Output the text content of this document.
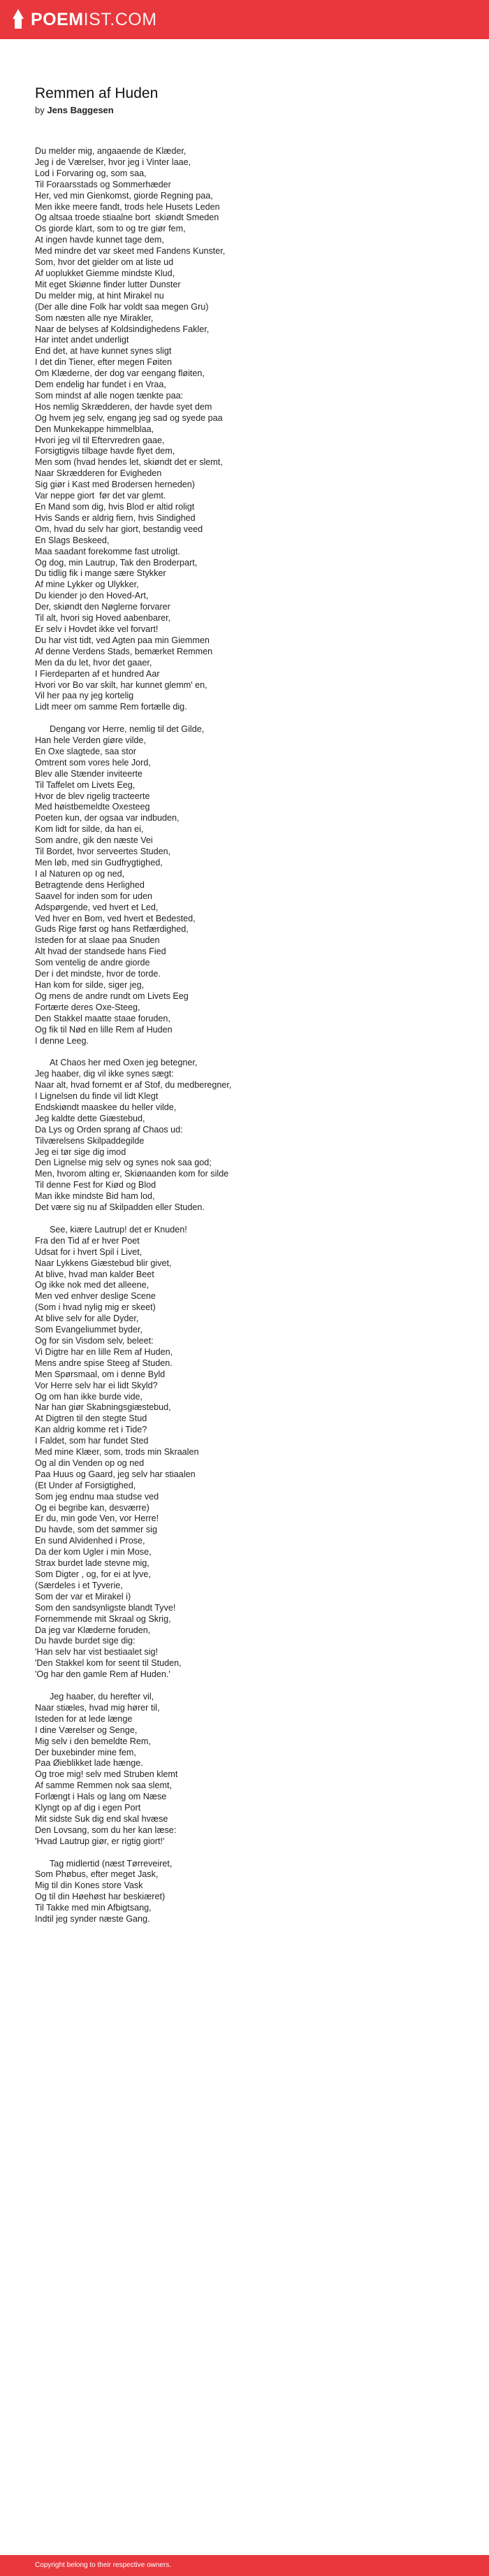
POEMIST.COM
Remmen af Huden
by Jens Baggesen
Du melder mig, angaaende de Klæder,
Jeg i de Værelser, hvor jeg i Vinter laae,
Lod i Forvaring og, som saa,
Til Foraarsstads og Sommerhæder
Her, ved min Gienkomst, giorde Regning paa,
Men ikke meere fandt, trods hele Husets Leden
Og altsaa troede stiaalne bort  skiøndt Smeden
Os giorde klart, som to og tre giør fem,
At ingen havde kunnet tage dem,
Med mindre det var skeet med Fandens Kunster,
Som, hvor det gielder om at liste ud
Af uoplukket Giemme mindste Klud,
Mit eget Skiønne finder lutter Dunster
Du melder mig, at hint Mirakel nu
(Der alle dine Folk har voldt saa megen Gru)
Som næsten alle nye Mirakler,
Naar de belyses af Koldsindighedens Fakler,
Har intet andet underligt
End det, at have kunnet synes sligt
I det din Tiener, efter megen Føiten
Om Klæderne, der dog var eengang fløiten,
Dem endelig har fundet i en Vraa,
Som mindst af alle nogen tænkte paa:
Hos nemlig Skrædderen, der havde syet dem
Og hvem jeg selv, engang jeg sad og syede paa
Den Munkekappe himmelblaa,
Hvori jeg vil til Eftervredren gaae,
Forsigtigvis tilbage havde flyet dem,
Men som (hvad hendes let, skiøndt det er slemt,
Naar Skrædderen for Evigheden
Sig giør i Kast med Brodersen herneden)
Var neppe giort  før det var glemt.
En Mand som dig, hvis Blod er altid roligt
Hvis Sands er aldrig fiern, hvis Sindighed
Om, hvad du selv har giort, bestandig veed
En Slags Beskeed,
Maa saadant forekomme fast utroligt.
Og dog, min Lautrup, Tak den Broderpart,
Du tidlig fik i mange sære Stykker
Af mine Lykker og Ulykker,
Du kiender jo den Hoved-Art,
Der, skiøndt den Nøglerne forvarer
Til alt, hvori sig Hoved aabenbarer,
Er selv i Hovdet ikke vel forvart!
Du har vist tidt, ved Agten paa min Giemmen
Af denne Verdens Stads, bemærket Remmen
Men da du let, hvor det gaaer,
I Fierdeparten af et hundred Aar
Hvori vor Bo var skilt, har kunnet glemm' en,
Vil her paa ny jeg kortelig
Lidt meer om samme Rem fortælle dig.

Dengang vor Herre, nemlig til det Gilde,
Han hele Verden giøre vilde,
En Oxe slagtede, saa stor
Omtrent som vores hele Jord,
Blev alle Stænder inviteerte
Til Taffelet om Livets Eeg,
Hvor de blev rigelig tracteerte
Med høistbemeldte Oxesteeg
Poeten kun, der ogsaa var indbuden,
Kom lidt for silde, da han ei,
Som andre, gik den næste Vei
Til Bordet, hvor serveertes Studen,
Men løb, med sin Gudfrygtighed,
I al Naturen op og ned,
Betragtende dens Herlighed
Saavel for inden som for uden
Adspørgende, ved hvert et Led,
Ved hver en Bom, ved hvert et Bedested,
Guds Rige først og hans Retfærdighed,
Isteden for at slaae paa Snuden
Alt hvad der standsede hans Fied
Som ventelig de andre giorde
Der i det mindste, hvor de torde.
Han kom for silde, siger jeg,
Og mens de andre rundt om Livets Eeg
Fortærte deres Oxe-Steeg,
Den Stakkel maatte staae foruden,
Og fik til Nød en lille Rem af Huden
I denne Leeg.

At Chaos her med Oxen jeg betegner,
Jeg haaber, dig vil ikke synes sægt:
Naar alt, hvad fornemt er af Stof, du medberegner,
I Lignelsen du finde vil lidt Klegt
Endskiøndt maaskee du heller vilde,
Jeg kaldte dette Giæstebud,
Da Lys og Orden sprang af Chaos ud:
Tilværelsens Skilpaddegilde
Jeg ei tør sige dig imod
Den Lignelse mig selv og synes nok saa god;
Men, hvorom alting er, Skiønaanden kom for silde
Til denne Fest for Kiød og Blod
Man ikke mindste Bid ham lod,
Det være sig nu af Skilpadden eller Studen.

See, kiære Lautrup! det er Knuden!
Fra den Tid af er hver Poet
Udsat for i hvert Spil i Livet,
Naar Lykkens Giæstebud blir givet,
At blive, hvad man kalder Beet
Og ikke nok med det alleene,
Men ved enhver deslige Scene
(Som i hvad nylig mig er skeet)
At blive selv for alle Dyder,
Som Evangeliummet byder,
Og for sin Visdom selv, beleet:
Vi Digtre har en lille Rem af Huden,
Mens andre spise Steeg af Studen.
Men Spørsmaal, om i denne Byld
Vor Herre selv har ei lidt Skyld?
Og om han ikke burde vide,
Nar han giør Skabningsgiæstebud,
At Digtren til den stegte Stud
Kan aldrig komme ret i Tide?
I Faldet, som har fundet Sted
Med mine Klæer, som, trods min Skraalen
Og al din Venden op og ned
Paa Huus og Gaard, jeg selv har stiaalen
(Et Under af Forsigtighed,
Som jeg endnu maa studse ved
Og ei begribe kan, desværre)
Er du, min gode Ven, vor Herre!
Du havde, som det sømmer sig
En sund Alvidenhed i Prose,
Da der kom Ugler i min Mose,
Strax burdet lade stevne mig,
Som Digter , og, for ei at lyve,
(Særdeles i et Tyverie,
Som der var et Mirakel i)
Som den sandsynligste blandt Tyve!
Fornemmende mit Skraal og Skrig,
Da jeg var Klæderne foruden,
Du havde burdet sige dig:
'Han selv har vist bestiaalet sig!
'Den Stakkel kom for seent til Studen,
'Og har den gamle Rem af Huden.'

Jeg haaber, du herefter vil,
Naar stiæles, hvad mig hører til,
Isteden for at lede længe
I dine Værelser og Senge,
Mig selv i den bemeldte Rem,
Der buxebinder mine fem,
Paa Øieblikket lade hænge.
Og troe mig! selv med Struben klemt
Af samme Remmen nok saa slemt,
Forlængt i Hals og lang om Næse
Klyngt op af dig i egen Port
Mit sidste Suk dig end skal hvæse
Den Lovsang, som du her kan læse:
'Hvad Lautrup giør, er rigtig giort!'

Tag midlertid (næst Tørreveiret,
Som Phøbus, efter meget Jask,
Mig til din Kones store Vask
Og til din Høehøst har beskiæret)
Til Takke med min Afbigtsang,
Indtil jeg synder næste Gang.
Copyright belong to their respective owners.
